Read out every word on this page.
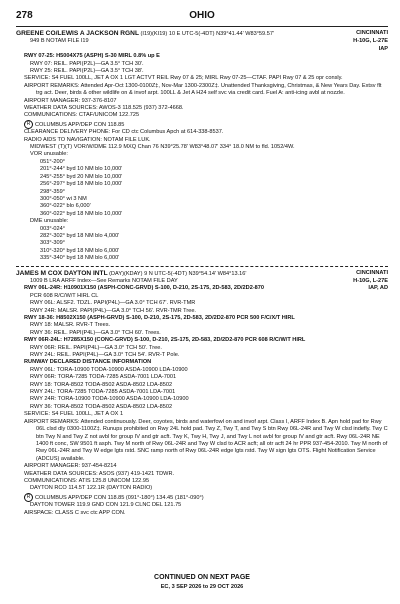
278	OHIO
GREENE CO/LEWIS A JACKSON RGNL (I19)(KI19) 10 E UTC-5(-4DT) N39°41.44' W83°59.57'	CINCINNATI
949 B NOTAM FILE I19	H-10G, L-27E

IAP
RWY 07-25: H5004X75 (ASPH) S-30 MIRL 0.8% up E
RWY 07: REIL. PAPI(P2L)—GA 3.5° TCH 30'.
RWY 25: REIL. PAPI(P2L)—GA 3.5° TCH 38'.
SERVICE: S4 FUEL 100LL, JET A OX 1 LGT ACTVT REIL Rwy 07 & 25; MIRL Rwy 07-25—CTAF. PAPI Rwy 07 & 25 opr consly.
AIRPORT REMARKS: Attended Apr-Oct 1300-0100Z‡, Nov-Mar 1300-2300Z‡. Unattended Thanksgiving, Christmas, & New Years Day. Extsv flt trg act. Deer, birds & other wildlife on & invof arpt. 100LL & Jet A H24 self svc via credit card. Fuel A: anti-icing avbl at nozzle.
AIRPORT MANAGER: 937-376-8107
WEATHER DATA SOURCES: AWOS-3 118.525 (937) 372-4668.
COMMUNICATIONS: CTAF/UNICOM 122.725
R COLUMBUS APP/DEP CON 118.85
CLEARANCE DELIVERY PHONE: For CD ctc Columbus Apch at 614-338-8537.
RADIO AIDS TO NAVIGATION: NOTAM FILE LUK.
MIDWEST (T)(T) VOR/W/DME 112.9 MXQ Chan 76 N39°25.78' W83°48.07' 334° 18.0 NM to fld. 1052/4W.
VOR unusable:
051°-200°
201°-244° byd 10 NM blo 10,000'
245°-255° byd 20 NM blo 10,000'
256°-297° byd 18 NM blo 10,000'
298°-359°
300°-050° wi 3 NM
360°-022° blo 6,000'
360°-022° byd 18 NM blo 10,000'
DME unusable:
003°-024°
282°-302° byd 18 NM blo 4,000'
303°-309°
310°-320° byd 18 NM blo 6,000'
335°-340° byd 18 NM blo 6,000'
JAMES M COX DAYTON INTL (DAY)(KDAY) 9 N UTC-5(-4DT) N39°54.14' W84°13.16'	CINCINNATI
1009 B LRA ARFF Index—See Remarks NOTAM FILE DAY	H-10G, L-27E
RWY 06L-24R: H10901X150 (ASPH-CONC-GRVD) S-100, D-210, 2S-175, 2D-583, 2D/2D2-870	IAP, AD
PCR 608 R/C/W/T HIRL CL
RWY 06L: ALSF2. TDZL. PAPI(P4L)—GA 3.0° TCH 67'. RVR-TMR
RWY 24R: MALSR. PAPI(P4L)—GA 3.0° TCH 56'. RVR-TMR Tree.
RWY 18-36: H8502X150 (ASPH-GRVD) S-100, D-210, 2S-175, 2D-583, 2D/2D2-870 PCR 500 F/C/X/T HIRL
RWY 18: MALSR. RVR-T Trees.
RWY 36: REIL. PAPI(P4L)—GA 3.0° TCH 60'. Trees.
RWY 06R-24L: H7285X150 (CONC-GRVD) S-100, D-210, 2S-175, 2D-583, 2D/2D2-870 PCR 608 R/C/W/T HIRL
RWY 06R: REIL. PAPI(P4L)—GA 3.0° TCH 50'. Tree.
RWY 24L: REIL. PAPI(P4L)—GA 3.0° TCH 54'. RVR-T Pole.
RUNWAY DECLARED DISTANCE INFORMATION
RWY 06L: TORA-10900 TODA-10900 ASDA-10900 LDA-10900
RWY 06R: TORA-7285 TODA-7285 ASDA-7001 LDA-7001
RWY 18: TORA-8502 TODA-8502 ASDA-8502 LDA-8502
RWY 24L: TORA-7285 TODA-7285 ASDA-7001 LDA-7001
RWY 24R: TORA-10900 TODA-10900 ASDA-10900 LDA-10900
RWY 36: TORA-8502 TODA-8502 ASDA-8502 LDA-8502
SERVICE: S4 FUEL 100LL, JET A OX 1
AIRPORT REMARKS: Attended continuously. Deer, coyotes, birds and waterfowl on and invof arpt. Class I, ARFF Index B. Apn hold pad for Rwy 06L clsd dly 0300-1100Z‡. Runups prohibited on Rwy 24L hold pad. Twy Z, Twy T, and Twy S btn Rwy 06L-24R and Twy W clsd indefly. Twy C btn Twy N and Twy Z not avbl for group IV and gtr acft. Twy K, Twy H, Twy J, and Twy L not avbl for group IV and gtr acft. Rwy 06L-24R NE 1400 ft conc, SW 9501 ft asph. Twy M north of Rwy 06L-24R and Twy W clsd to ACR acft; all otr acft 24 hr PPR 937-454-2010. Twy M north of Rwy 06L-24R and Twy W edge lgts rstd. SNC ramp north of Rwy 06L-24R edge lgts rstd. Twy W sign lgts OTS. Flight Notification Service (ADCUS) available.
AIRPORT MANAGER: 937-454-8214
WEATHER DATA SOURCES: ASOS (937) 419-1421 TDWR.
COMMUNICATIONS: ATIS 125.8 UNICOM 122.95
DAYTON RCO 114.5T 122.1R (DAYTON RADIO)
R COLUMBUS APP/DEP CON 118.85 (091°-180°) 134.45 (181°-090°)
DAYTON TOWER 119.9 GND CON 121.9 CLNC DEL 121.75
AIRSPACE: CLASS C svc ctc APP CON.
CONTINUED ON NEXT PAGE
EC, 3 SEP 2026 to 29 OCT 2026
